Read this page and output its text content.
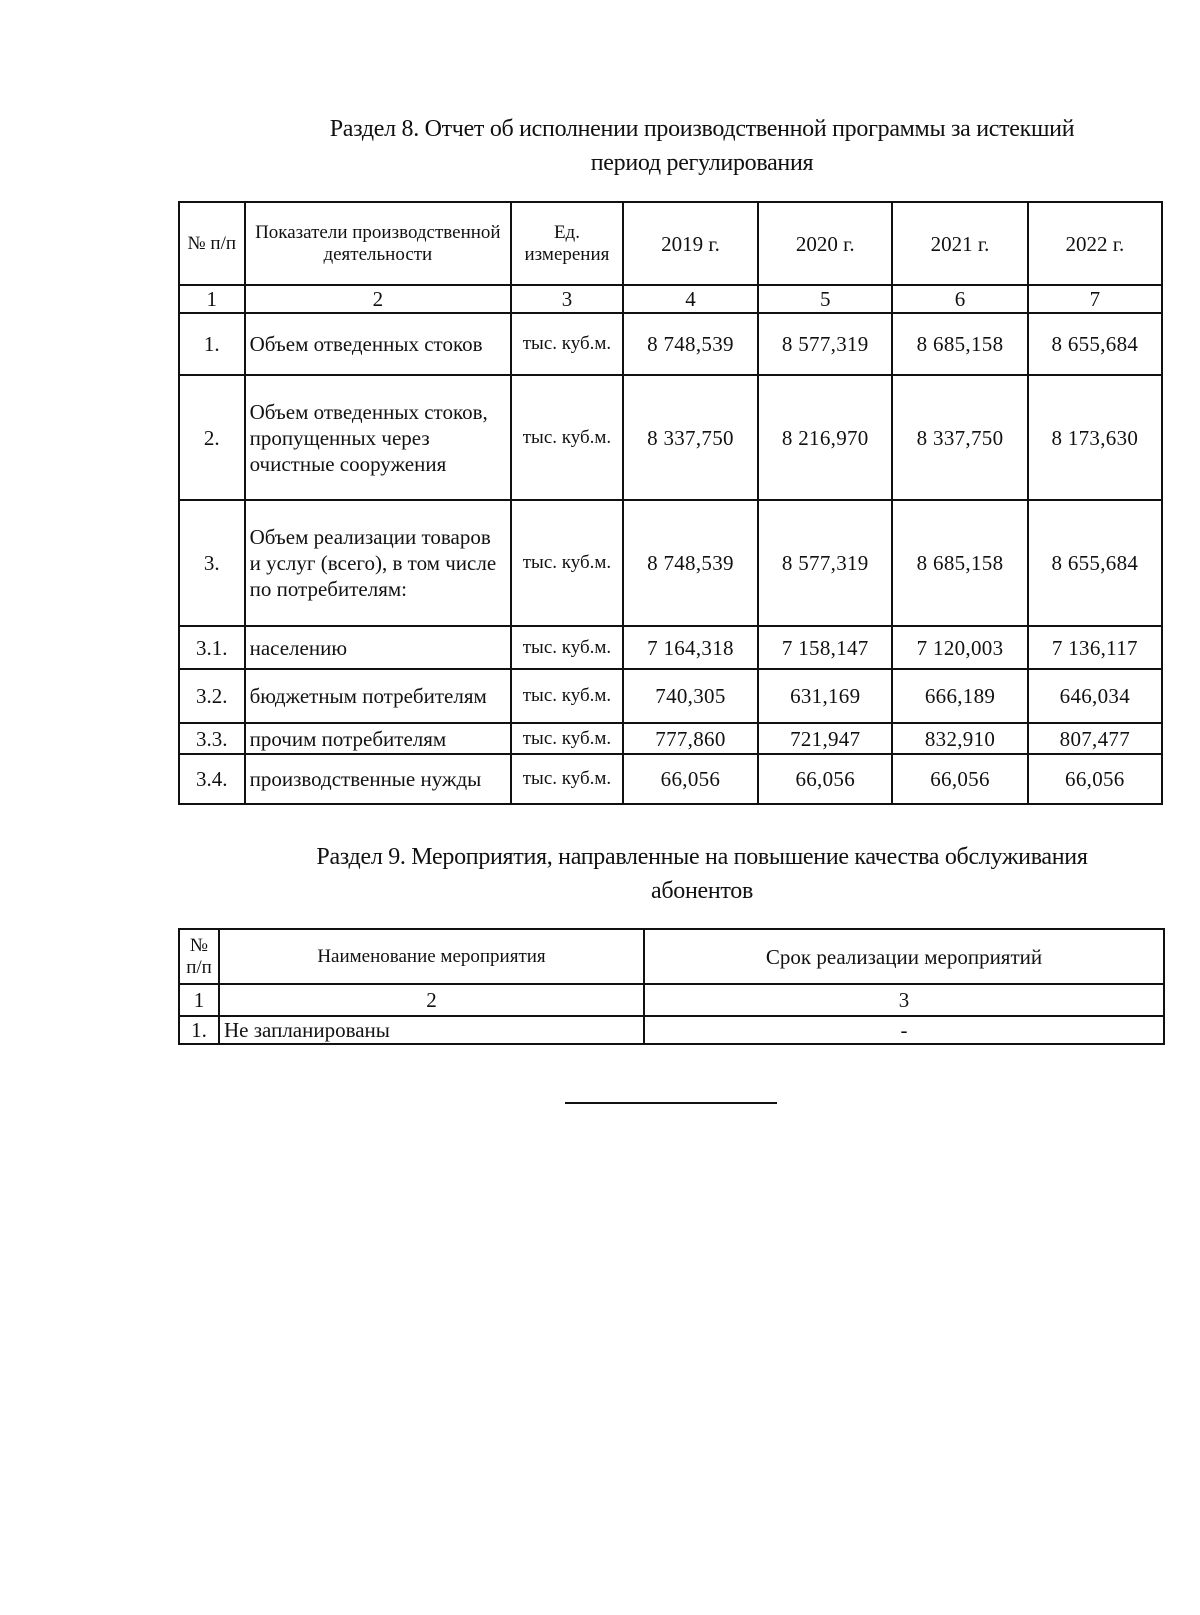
Раздел 8. Отчет об исполнении производственной программы за истекший
период регулирования
№ п/п	Показатели производственной деятельности	Ед. измерения	2019 г.	2020 г.	2021 г.	2022 г.
1	2	3	4	5	6	7
1.	Объем отведенных стоков	тыс. куб.м.	8 748,539	8 577,319	8 685,158	8 655,684
2.	Объем отведенных стоков, пропущенных через очистные сооружения	тыс. куб.м.	8 337,750	8 216,970	8 337,750	8 173,630
3.	Объем реализации товаров и услуг (всего), в том числе по потребителям:	тыс. куб.м.	8 748,539	8 577,319	8 685,158	8 655,684
3.1.	населению	тыс. куб.м.	7 164,318	7 158,147	7 120,003	7 136,117
3.2.	бюджетным потребителям	тыс. куб.м.	740,305	631,169	666,189	646,034
3.3.	прочим потребителям	тыс. куб.м.	777,860	721,947	832,910	807,477
3.4.	производственные нужды	тыс. куб.м.	66,056	66,056	66,056	66,056
Раздел 9. Мероприятия, направленные на повышение качества обслуживания
абонентов
№ п/п	Наименование мероприятия	Срок реализации мероприятий
1	2	3
1.	Не запланированы	-
